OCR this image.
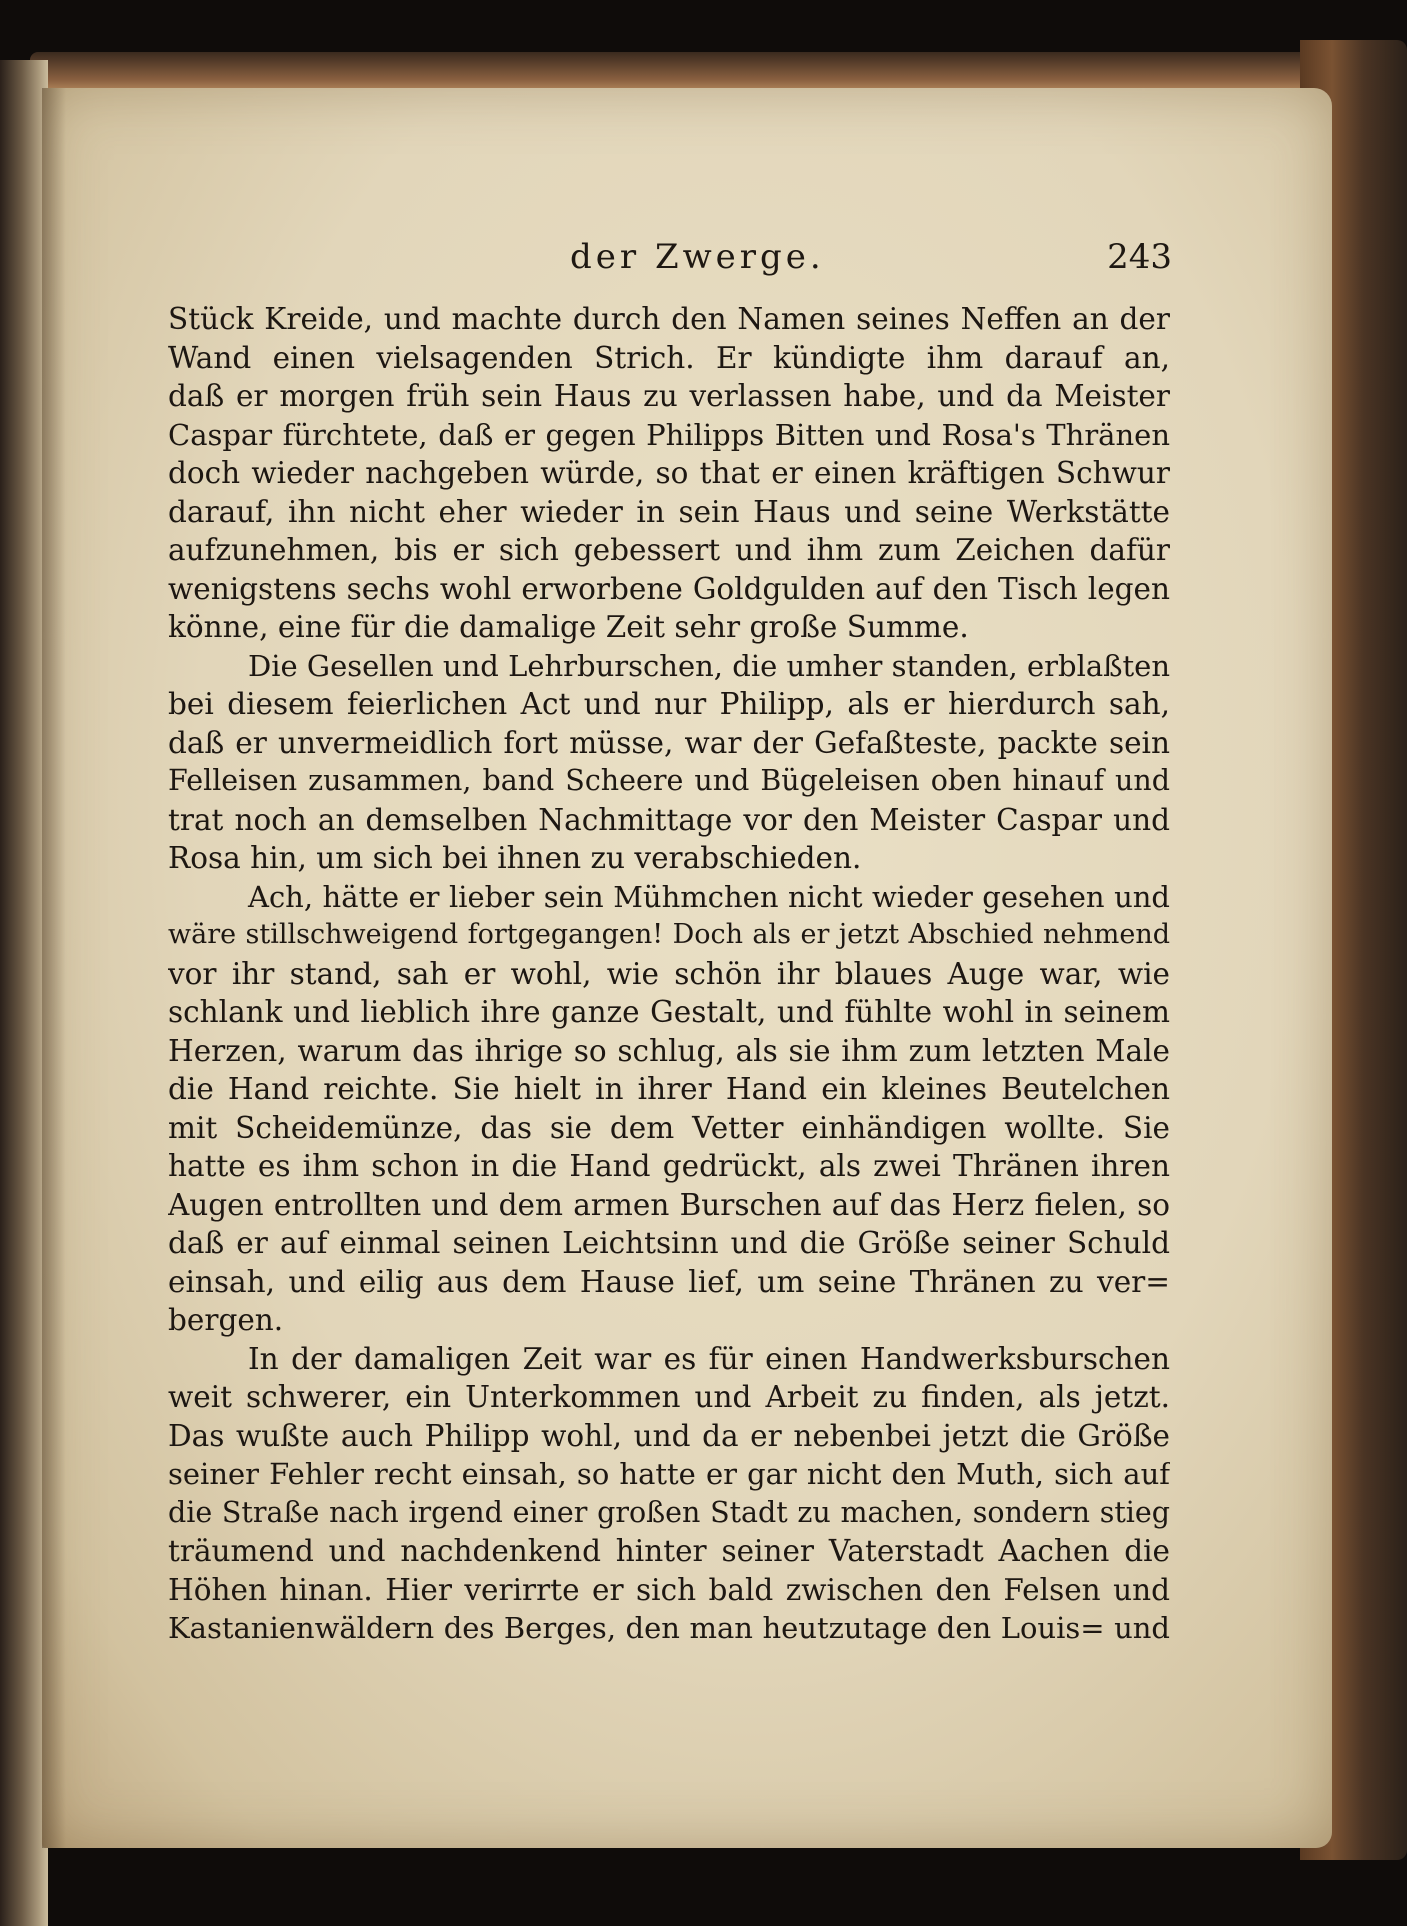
der Zwerge.	243
Stück Kreide, und machte durch den Namen seines Neffen an der
Wand einen vielsagenden Strich. Er kündigte ihm darauf an,
daß er morgen früh sein Haus zu verlassen habe, und da Meister
Caspar fürchtete, daß er gegen Philipps Bitten und Rosa's Thränen
doch wieder nachgeben würde, so that er einen kräftigen Schwur
darauf, ihn nicht eher wieder in sein Haus und seine Werkstätte
aufzunehmen, bis er sich gebessert und ihm zum Zeichen dafür
wenigstens sechs wohl erworbene Goldgulden auf den Tisch legen
könne, eine für die damalige Zeit sehr große Summe.
Die Gesellen und Lehrburschen, die umher standen, erblaßten
bei diesem feierlichen Act und nur Philipp, als er hierdurch sah,
daß er unvermeidlich fort müsse, war der Gefaßteste, packte sein
Felleisen zusammen, band Scheere und Bügeleisen oben hinauf und
trat noch an demselben Nachmittage vor den Meister Caspar und
Rosa hin, um sich bei ihnen zu verabschieden.
Ach, hätte er lieber sein Mühmchen nicht wieder gesehen und
wäre stillschweigend fortgegangen! Doch als er jetzt Abschied nehmend
vor ihr stand, sah er wohl, wie schön ihr blaues Auge war, wie
schlank und lieblich ihre ganze Gestalt, und fühlte wohl in seinem
Herzen, warum das ihrige so schlug, als sie ihm zum letzten Male
die Hand reichte. Sie hielt in ihrer Hand ein kleines Beutelchen
mit Scheidemünze, das sie dem Vetter einhändigen wollte. Sie
hatte es ihm schon in die Hand gedrückt, als zwei Thränen ihren
Augen entrollten und dem armen Burschen auf das Herz fielen, so
daß er auf einmal seinen Leichtsinn und die Größe seiner Schuld
einsah, und eilig aus dem Hause lief, um seine Thränen zu ver=
bergen.
In der damaligen Zeit war es für einen Handwerksburschen
weit schwerer, ein Unterkommen und Arbeit zu finden, als jetzt.
Das wußte auch Philipp wohl, und da er nebenbei jetzt die Größe
seiner Fehler recht einsah, so hatte er gar nicht den Muth, sich auf
die Straße nach irgend einer großen Stadt zu machen, sondern stieg
träumend und nachdenkend hinter seiner Vaterstadt Aachen die
Höhen hinan. Hier verirrte er sich bald zwischen den Felsen und
Kastanienwäldern des Berges, den man heutzutage den Louis= und
